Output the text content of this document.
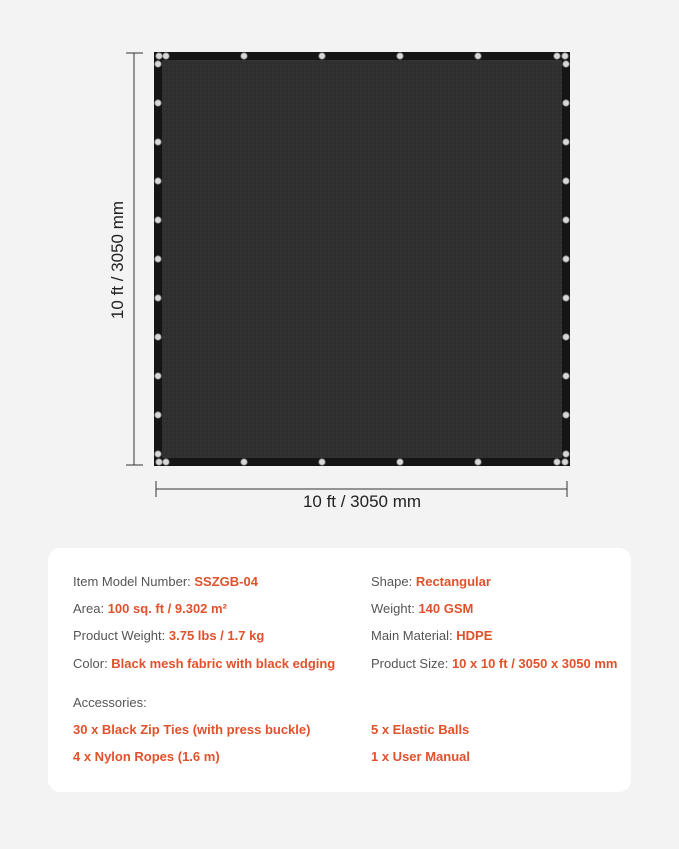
10 ft / 3050 mm
10 ft / 3050 mm
Item Model Number: SSZGB-04
Area: 100 sq. ft / 9.302 m²
Product Weight: 3.75 lbs / 1.7 kg
Color: Black mesh fabric with black edging
Shape: Rectangular
Weight: 140 GSM
Main Material: HDPE
Product Size: 10 x 10 ft / 3050 x 3050 mm
Accessories:
30 x Black Zip Ties (with press buckle)	5 x Elastic Balls
4 x Nylon Ropes (1.6 m)	1 x User Manual
